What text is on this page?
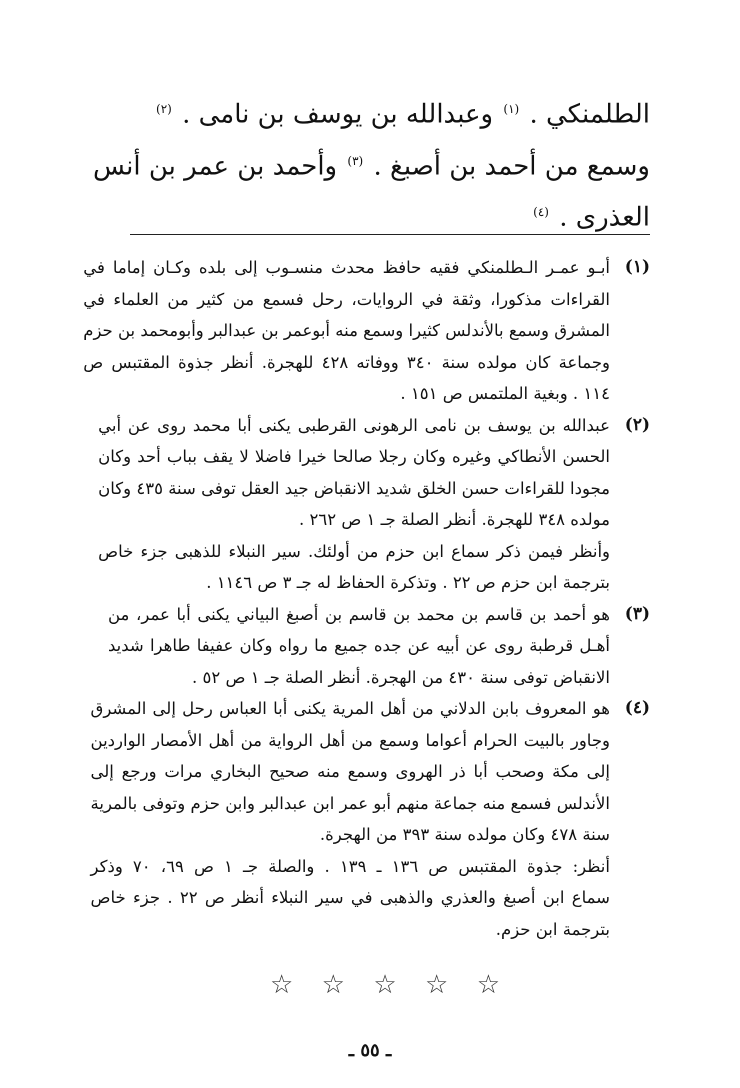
الطلمنكي . $^{(١)}$ وعبدالله بن يوسف بن نامى . $^{(٢)}$
وسمع من أحمد بن أصبغ . $^{(٣)}$ وأحمد بن عمر بن أنس
العذرى . $^{(٤)}$
(١)
أبـو عمـر الـطلمنكي فقيه حافظ محدث منسـوب إلى بلده وكـان إماما في
القراءات مذكورا، وثقة في الروايات، رحل فسمع من كثير من العلماء في
المشرق وسمع بالأندلس كثيرا وسمع منه أبوعمر بن عبدالبر وأبومحمد بن حزم
وجماعة كان مولده سنة ٣٤٠ ووفاته ٤٢٨ للهجرة. أنظر جذوة المقتبس ص
١١٤ . وبغية الملتمس ص ١٥١ .
(٢)
عبدالله بن يوسف بن نامى الرهونى القرطبى يكنى أبا محمد روى عن أبي
الحسن الأنطاكي وغيره وكان رجلا صالحا خيرا فاضلا لا يقف بباب أحد وكان
مجودا للقراءات حسن الخلق شديد الانقباض جيد العقل توفى سنة ٤٣٥ وكان
مولده ٣٤٨ للهجرة. أنظر الصلة جـ ١ ص ٢٦٢ .
وأنظر فيمن ذكر سماع ابن حزم من أولئك. سير النبلاء للذهبى جزء خاص
بترجمة ابن حزم ص ٢٢ . وتذكرة الحفاظ له جـ ٣ ص ١١٤٦ .
(٣)
هو أحمد بن قاسم بن محمد بن قاسم بن أصبغ البياني يكنى أبا عمر، من
أهـل قرطبة روى عن أبيه عن جده جميع ما رواه وكان عفيفا طاهرا شديد
الانقباض توفى سنة ٤٣٠ من الهجرة. أنظر الصلة جـ ١ ص ٥٢ .
(٤)
هو المعروف بابن الدلاني من أهل المرية يكنى أبا العباس رحل إلى المشرق
وجاور بالبيت الحرام أعواما وسمع من أهل الرواية من أهل الأمصار الواردين
إلى مكة وصحب أبا ذر الهروى وسمع منه صحيح البخاري مرات ورجع إلى
الأندلس فسمع منه جماعة منهم أبو عمر ابن عبدالبر وابن حزم وتوفى بالمرية
سنة ٤٧٨ وكان مولده سنة ٣٩٣ من الهجرة.
أنظر: جذوة المقتبس ص ١٣٦ ـ ١٣٩ . والصلة جـ ١ ص ٦٩، ٧٠ وذكر
سماع ابن أصبغ والعذري والذهبى في سير النبلاء أنظر ص ٢٢ . جزء خاص
بترجمة ابن حزم.
☆ ☆ ☆ ☆ ☆
ـ ٥٥ ـ
